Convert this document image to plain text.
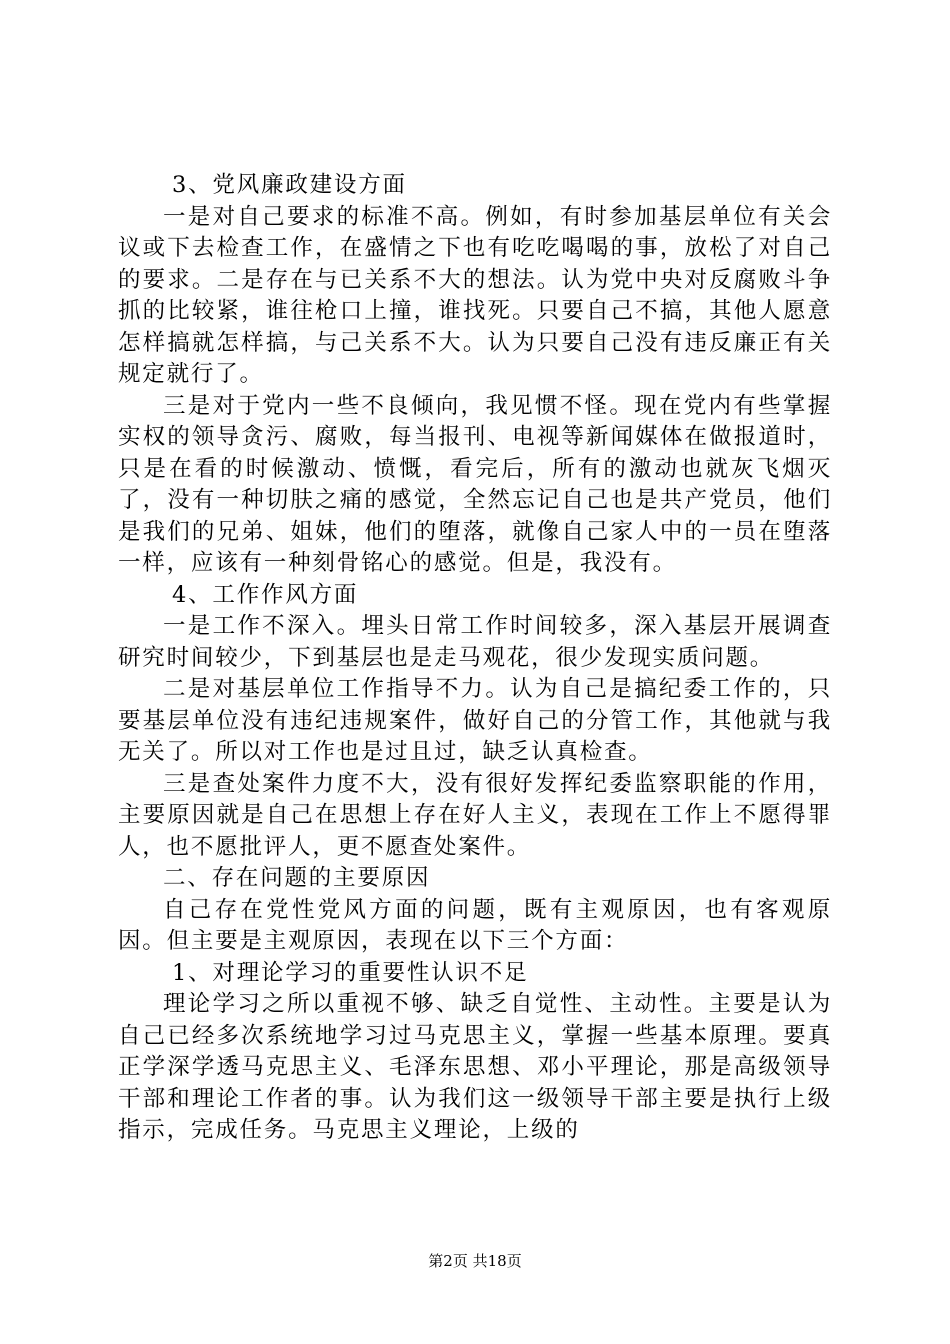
3、党风廉政建设方面

一是对自己要求的标准不高。例如，有时参加基层单位有关会议或下去检查工作，在盛情之下也有吃吃喝喝的事，放松了对自己的要求。二是存在与已关系不大的想法。认为党中央对反腐败斗争抓的比较紧，谁往枪口上撞，谁找死。只要自己不搞，其他人愿意怎样搞就怎样搞，与己关系不大。认为只要自己没有违反廉正有关规定就行了。

三是对于党内一些不良倾向，我见惯不怪。现在党内有些掌握实权的领导贪污、腐败，每当报刊、电视等新闻媒体在做报道时，只是在看的时候激动、愤慨，看完后，所有的激动也就灰飞烟灭了，没有一种切肤之痛的感觉，全然忘记自己也是共产党员，他们是我们的兄弟、姐妹，他们的堕落，就像自己家人中的一员在堕落一样，应该有一种刻骨铭心的感觉。但是，我没有。

4、工作作风方面

一是工作不深入。埋头日常工作时间较多，深入基层开展调查研究时间较少，下到基层也是走马观花，很少发现实质问题。

二是对基层单位工作指导不力。认为自己是搞纪委工作的，只要基层单位没有违纪违规案件，做好自己的分管工作，其他就与我无关了。所以对工作也是过且过，缺乏认真检查。

三是查处案件力度不大，没有很好发挥纪委监察职能的作用，主要原因就是自己在思想上存在好人主义，表现在工作上不愿得罪人，也不愿批评人，更不愿查处案件。

二、存在问题的主要原因

自己存在党性党风方面的问题，既有主观原因，也有客观原因。但主要是主观原因，表现在以下三个方面：

1、对理论学习的重要性认识不足

理论学习之所以重视不够、缺乏自觉性、主动性。主要是认为自己已经多次系统地学习过马克思主义，掌握一些基本原理。要真正学深学透马克思主义、毛泽东思想、邓小平理论，那是高级领导干部和理论工作者的事。认为我们这一级领导干部主要是执行上级指示，完成任务。马克思主义理论，上级的

第2页 共18页
